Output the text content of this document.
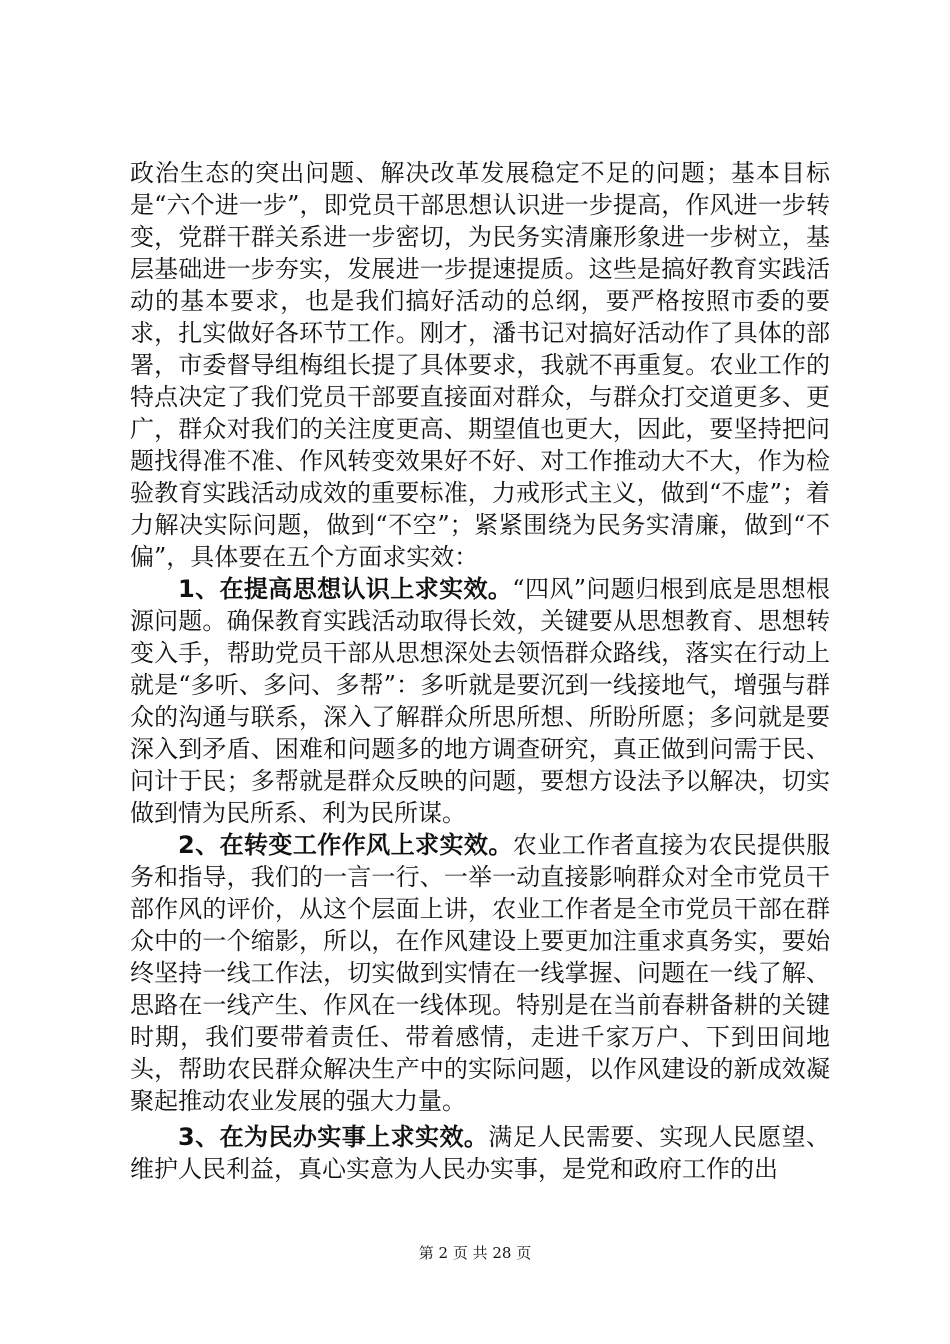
政治生态的突出问题、解决改革发展稳定不足的问题；基本目标是“六个进一步”，即党员干部思想认识进一步提高，作风进一步转变，党群干群关系进一步密切，为民务实清廉形象进一步树立，基层基础进一步夯实，发展进一步提速提质。这些是搞好教育实践活动的基本要求，也是我们搞好活动的总纲，要严格按照市委的要求，扎实做好各环节工作。刚才，潘书记对搞好活动作了具体的部署，市委督导组梅组长提了具体要求，我就不再重复。农业工作的特点决定了我们党员干部要直接面对群众，与群众打交道更多、更广，群众对我们的关注度更高、期望值也更大，因此，要坚持把问题找得准不准、作风转变效果好不好、对工作推动大不大，作为检验教育实践活动成效的重要标准，力戒形式主义，做到“不虚”；着力解决实际问题，做到“不空”；紧紧围绕为民务实清廉，做到“不偏”，具体要在五个方面求实效：

1、在提高思想认识上求实效。“四风”问题归根到底是思想根源问题。确保教育实践活动取得长效，关键要从思想教育、思想转变入手，帮助党员干部从思想深处去领悟群众路线，落实在行动上就是“多听、多问、多帮”：多听就是要沉到一线接地气，增强与群众的沟通与联系，深入了解群众所思所想、所盼所愿；多问就是要深入到矛盾、困难和问题多的地方调查研究，真正做到问需于民、问计于民；多帮就是群众反映的问题，要想方设法予以解决，切实做到情为民所系、利为民所谋。

2、在转变工作作风上求实效。农业工作者直接为农民提供服务和指导，我们的一言一行、一举一动直接影响群众对全市党员干部作风的评价，从这个层面上讲，农业工作者是全市党员干部在群众中的一个缩影，所以，在作风建设上要更加注重求真务实，要始终坚持一线工作法，切实做到实情在一线掌握、问题在一线了解、思路在一线产生、作风在一线体现。特别是在当前春耕备耕的关键时期，我们要带着责任、带着感情，走进千家万户、下到田间地头，帮助农民群众解决生产中的实际问题，以作风建设的新成效凝聚起推动农业发展的强大力量。

3、在为民办实事上求实效。满足人民需要、实现人民愿望、维护人民利益，真心实意为人民办实事，是党和政府工作的出

第 2 页 共 28 页
